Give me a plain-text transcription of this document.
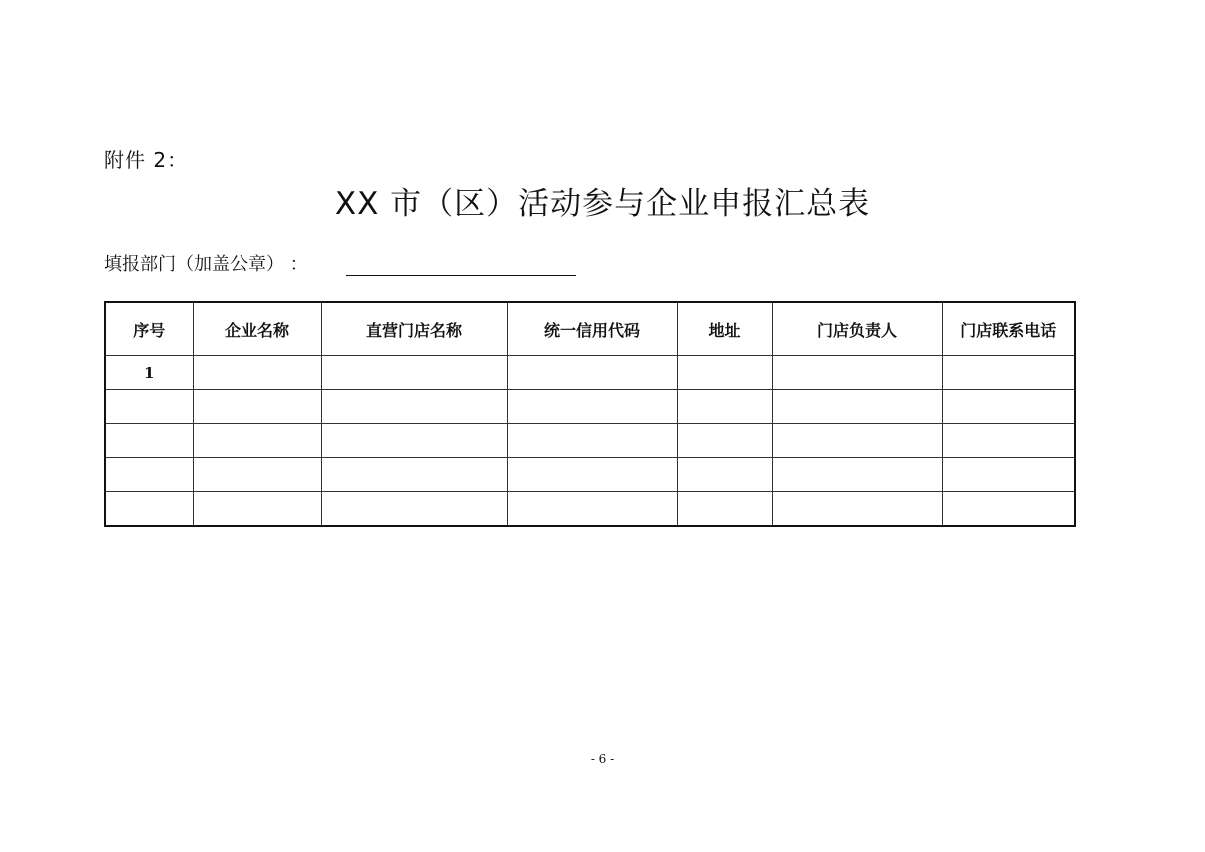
附件 2：
XX 市（区）活动参与企业申报汇总表
填报部门（加盖公章） ：
序号	企业名称	直营门店名称	统一信用代码	地址	门店负责人	门店联系电话
1						

- 6 -
